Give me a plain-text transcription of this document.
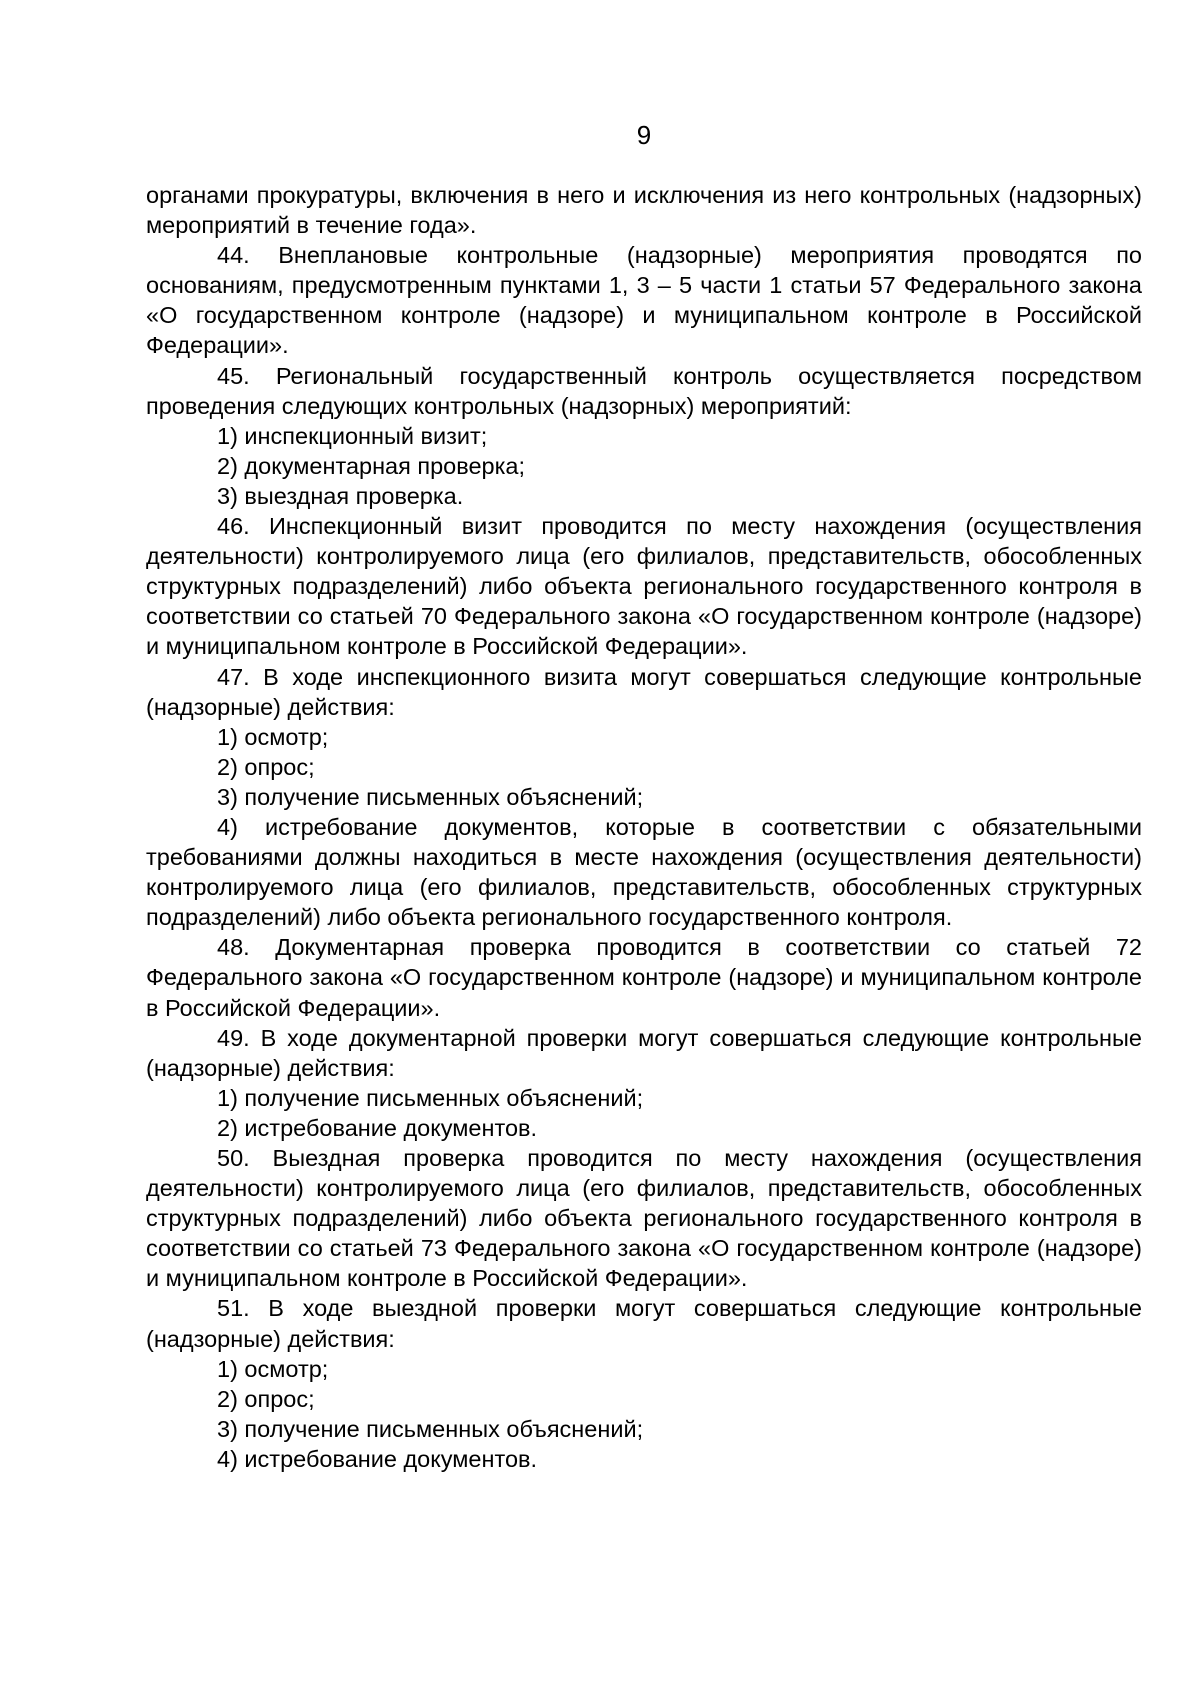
9

органами прокуратуры, включения в него и исключения из него контрольных (надзорных) мероприятий в течение года».

44. Внеплановые контрольные (надзорные) мероприятия проводятся по основаниям, предусмотренным пунктами 1, 3 – 5 части 1 статьи 57 Федерального закона «О государственном контроле (надзоре) и муниципальном контроле в Российской Федерации».

45. Региональный государственный контроль осуществляется посредством проведения следующих контрольных (надзорных) мероприятий:

1) инспекционный визит;

2) документарная проверка;

3) выездная проверка.

46. Инспекционный визит проводится по месту нахождения (осуществления деятельности) контролируемого лица (его филиалов, представительств, обособленных структурных подразделений) либо объекта регионального государственного контроля в соответствии со статьей 70 Федерального закона «О государственном контроле (надзоре) и муниципальном контроле в Российской Федерации».

47. В ходе инспекционного визита могут совершаться следующие контрольные (надзорные) действия:

1) осмотр;

2) опрос;

3) получение письменных объяснений;

4) истребование документов, которые в соответствии с обязательными требованиями должны находиться в месте нахождения (осуществления деятельности) контролируемого лица (его филиалов, представительств, обособленных структурных подразделений) либо объекта регионального государственного контроля.

48. Документарная проверка проводится в соответствии со статьей 72 Федерального закона «О государственном контроле (надзоре) и муниципальном контроле в Российской Федерации».

49. В ходе документарной проверки могут совершаться следующие контрольные (надзорные) действия:

1) получение письменных объяснений;

2) истребование документов.

50. Выездная проверка проводится по месту нахождения (осуществления деятельности) контролируемого лица (его филиалов, представительств, обособленных структурных подразделений) либо объекта регионального государственного контроля в соответствии со статьей 73 Федерального закона «О государственном контроле (надзоре) и муниципальном контроле в Российской Федерации».

51. В ходе выездной проверки могут совершаться следующие контрольные (надзорные) действия:

1) осмотр;

2) опрос;

3) получение письменных объяснений;

4) истребование документов.
